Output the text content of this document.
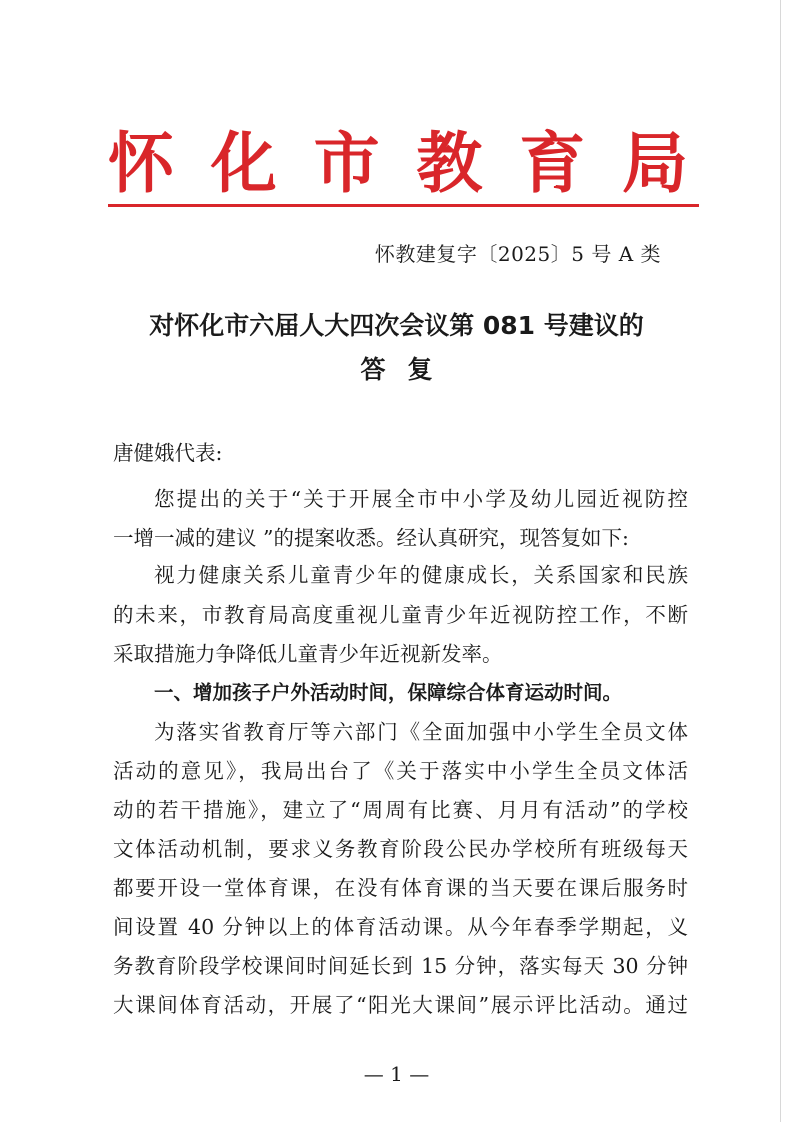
怀 化 市 教 育 局
怀教建复字〔2025〕5 号 A 类
对怀化市六届人大四次会议第 081 号建议的
答复
唐健娥代表:
您提出的关于“关于开展全市中小学及幼儿园近视防控
一增一减的建议 ”的提案收悉。经认真研究，现答复如下:
视力健康关系儿童青少年的健康成长，关系国家和民族
的未来，市教育局高度重视儿童青少年近视防控工作，不断
采取措施力争降低儿童青少年近视新发率。
一、增加孩子户外活动时间，保障综合体育运动时间。
为落实省教育厅等六部门《全面加强中小学生全员文体
活动的意见》，我局出台了《关于落实中小学生全员文体活
动的若干措施》，建立了“周周有比赛、月月有活动”的学校
文体活动机制，要求义务教育阶段公民办学校所有班级每天
都要开设一堂体育课，在没有体育课的当天要在课后服务时
间设置 40 分钟以上的体育活动课。从今年春季学期起，义
务教育阶段学校课间时间延长到 15 分钟，落实每天 30 分钟
大课间体育活动，开展了“阳光大课间”展示评比活动。通过
— 1 —
